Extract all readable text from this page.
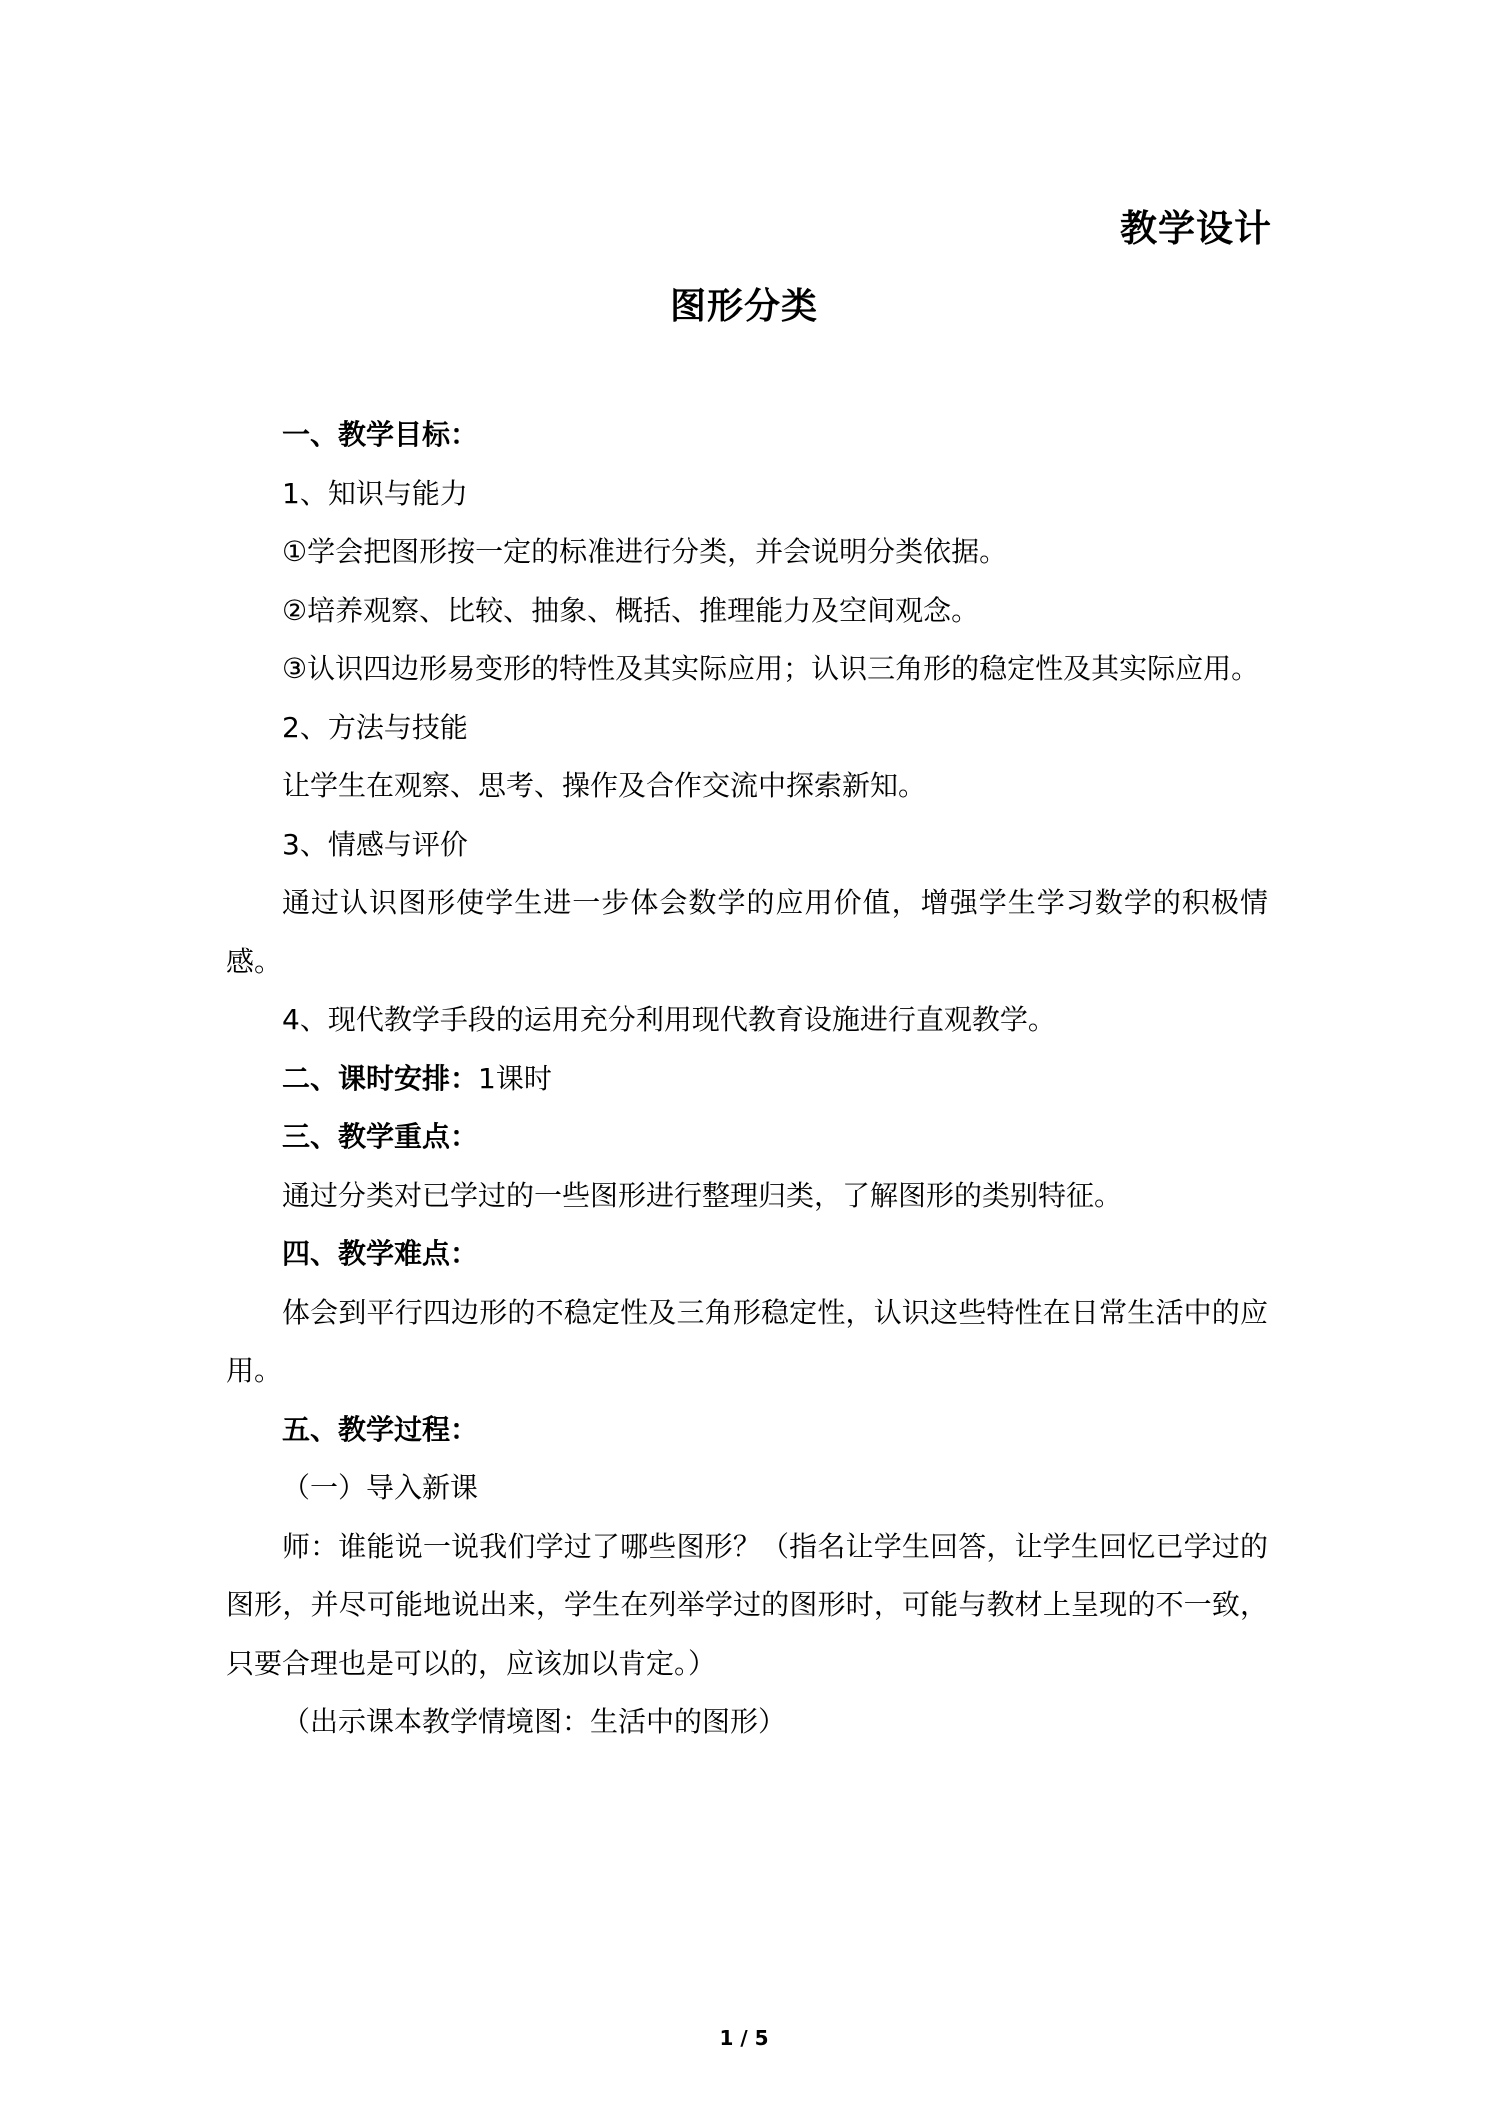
教学设计
图形分类

一、教学目标：

1、知识与能力

①学会把图形按一定的标准进行分类，并会说明分类依据。

②培养观察、比较、抽象、概括、推理能力及空间观念。

③认识四边形易变形的特性及其实际应用；认识三角形的稳定性及其实际应用。

2、方法与技能

让学生在观察、思考、操作及合作交流中探索新知。

3、情感与评价

通过认识图形使学生进一步体会数学的应用价值，增强学生学习数学的积极情感。

4、现代教学手段的运用充分利用现代教育设施进行直观教学。

二、课时安排：1课时

三、教学重点：

通过分类对已学过的一些图形进行整理归类，了解图形的类别特征。

四、教学难点：

体会到平行四边形的不稳定性及三角形稳定性，认识这些特性在日常生活中的应用。

五、教学过程：

（一）导入新课

师：谁能说一说我们学过了哪些图形？（指名让学生回答，让学生回忆已学过的图形，并尽可能地说出来，学生在列举学过的图形时，可能与教材上呈现的不一致，只要合理也是可以的，应该加以肯定。）

（出示课本教学情境图：生活中的图形）

1 / 5
